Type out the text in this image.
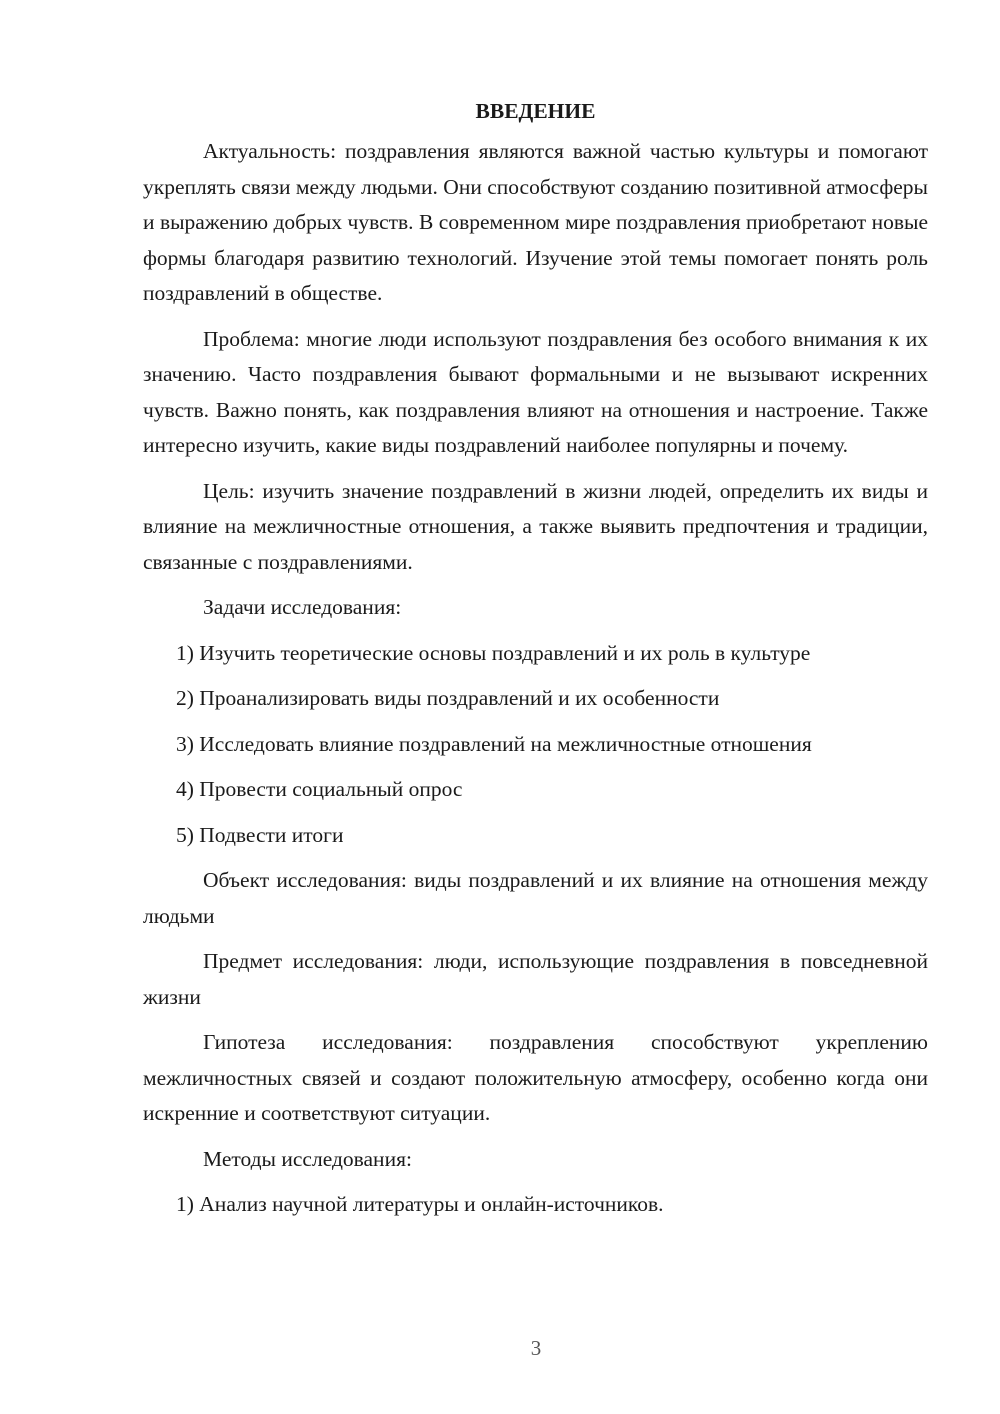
ВВЕДЕНИЕ

Актуальность: поздравления являются важной частью культуры и помогают укреплять связи между людьми. Они способствуют созданию позитивной атмосферы и выражению добрых чувств. В современном мире поздравления приобретают новые формы благодаря развитию технологий. Изучение этой темы помогает понять роль поздравлений в обществе.

Проблема: многие люди используют поздравления без особого внимания к их значению. Часто поздравления бывают формальными и не вызывают искренних чувств. Важно понять, как поздравления влияют на отношения и настроение. Также интересно изучить, какие виды поздравлений наиболее популярны и почему.

Цель: изучить значение поздравлений в жизни людей, определить их виды и влияние на межличностные отношения, а также выявить предпочтения и традиции, связанные с поздравлениями.

Задачи исследования:

1) Изучить теоретические основы поздравлений и их роль в культуре

2) Проанализировать виды поздравлений и их особенности

3) Исследовать влияние поздравлений на межличностные отношения

4) Провести социальный опрос

5) Подвести итоги

Объект исследования: виды поздравлений и их влияние на отношения между людьми

Предмет исследования: люди, использующие поздравления в повседневной жизни

Гипотеза исследования: поздравления способствуют укреплению межличностных связей и создают положительную атмосферу, особенно когда они искренние и соответствуют ситуации.

Методы исследования:

1) Анализ научной литературы и онлайн-источников.

3
